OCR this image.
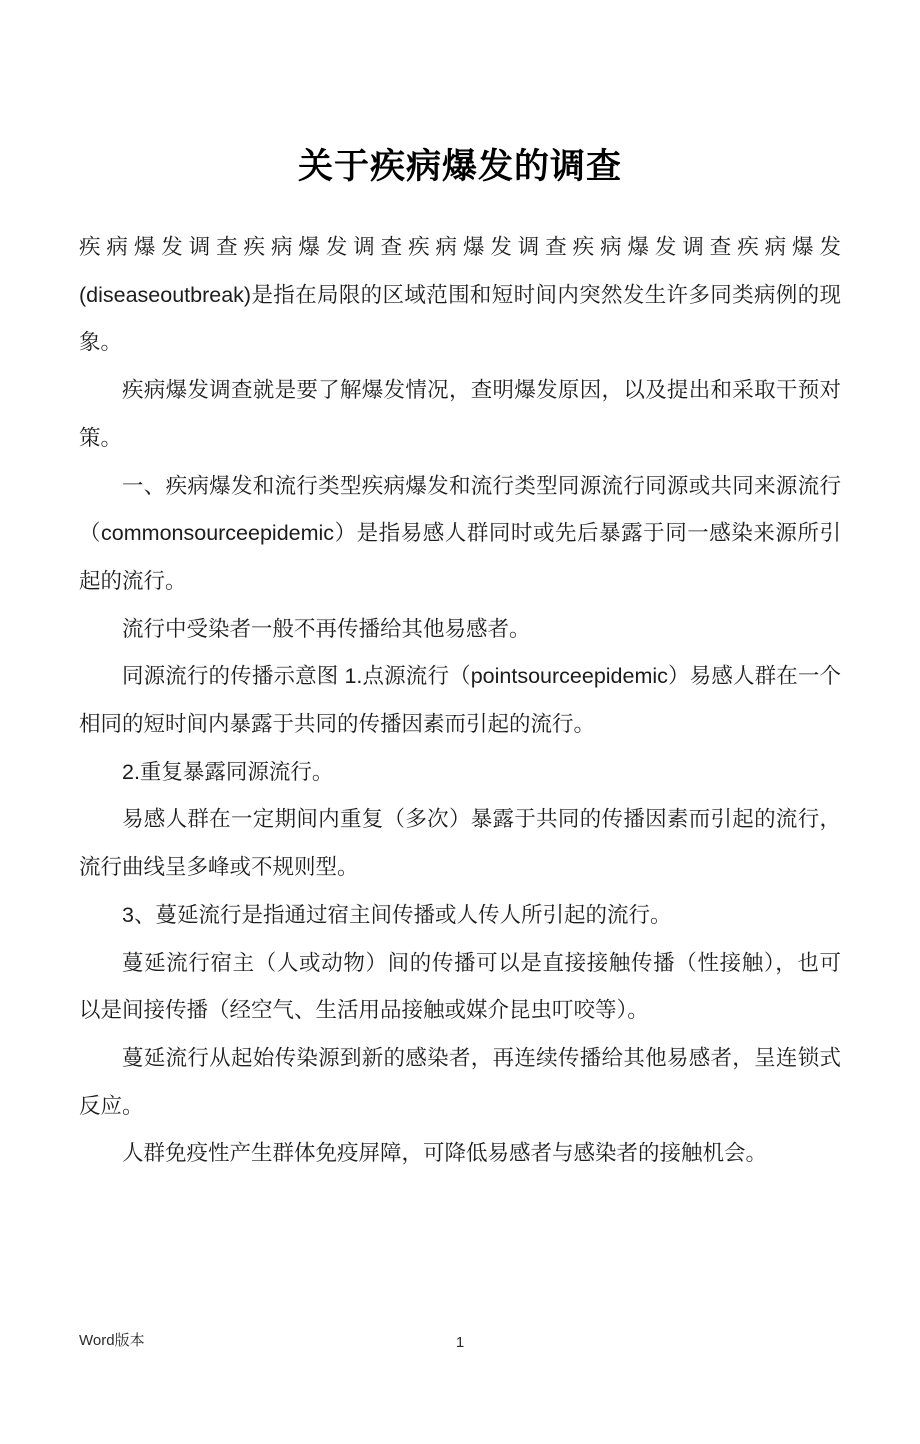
关于疾病爆发的调查

疾病爆发调查疾病爆发调查疾病爆发调查疾病爆发调查疾病爆发(diseaseoutbreak)是指在局限的区域范围和短时间内突然发生许多同类病例的现象。

疾病爆发调查就是要了解爆发情况，查明爆发原因，以及提出和采取干预对策。

一、疾病爆发和流行类型疾病爆发和流行类型同源流行同源或共同来源流行（commonsourceepidemic）是指易感人群同时或先后暴露于同一感染来源所引起的流行。

流行中受染者一般不再传播给其他易感者。

同源流行的传播示意图 1.点源流行（pointsourceepidemic）易感人群在一个相同的短时间内暴露于共同的传播因素而引起的流行。

2.重复暴露同源流行。

易感人群在一定期间内重复（多次）暴露于共同的传播因素而引起的流行，流行曲线呈多峰或不规则型。

3、蔓延流行是指通过宿主间传播或人传人所引起的流行。

蔓延流行宿主（人或动物）间的传播可以是直接接触传播（性接触），也可以是间接传播（经空气、生活用品接触或媒介昆虫叮咬等）。

蔓延流行从起始传染源到新的感染者，再连续传播给其他易感者，呈连锁式反应。

人群免疫性产生群体免疫屏障，可降低易感者与感染者的接触机会。

Word版本	1
